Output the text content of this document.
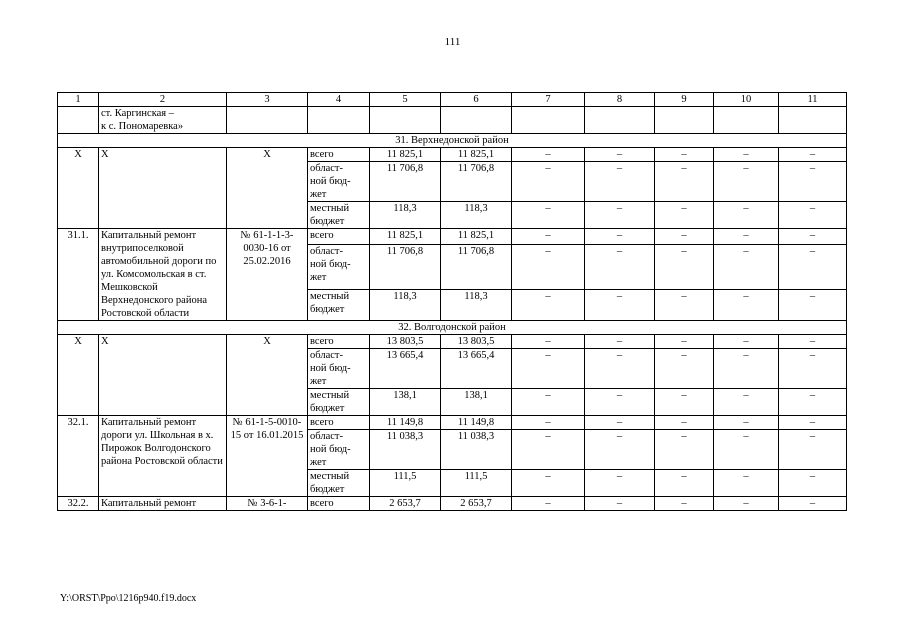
111
1	2	3	4	5	6	7	8	9	10	11
	ст. Каргинская –
к с. Пономаревка»									
31. Верхнедонской район										
Х	Х	Х	всего	11 825,1	11 825,1	–	–	–	–	–
			област-
ной бюд-
жет	11 706,8	11 706,8	–	–	–	–	–
			местный
бюджет	118,3	118,3	–	–	–	–	–
31.1.	Капитальный ремонт внутрипоселковой автомобильной дороги по ул. Комсомольская в ст. Мешковской Верхнедонского района Ростовской области	№ 61-1-1-3-0030-16 от 25.02.2016	всего	11 825,1	11 825,1	–	–	–	–	–
			област-
ной бюд-
жет	11 706,8	11 706,8	–	–	–	–	–
			местный
бюджет	118,3	118,3	–	–	–	–	–
32. Волгодонской район										
Х	Х	Х	всего	13 803,5	13 803,5	–	–	–	–	–
			област-
ной бюд-
жет	13 665,4	13 665,4	–	–	–	–	–
			местный
бюджет	138,1	138,1	–	–	–	–	–
32.1.	Капитальный ремонт дороги ул. Школьная в х. Пирожок Волгодонского района Ростовской области	№ 61-1-5-0010-15 от 16.01.2015	всего	11 149,8	11 149,8	–	–	–	–	–
			област-
ной бюд-
жет	11 038,3	11 038,3	–	–	–	–	–
			местный
бюджет	111,5	111,5	–	–	–	–	–
32.2.	Капитальный ремонт	№ 3-6-1-	всего	2 653,7	2 653,7	–	–	–	–	–
Y:\ORST\Ppo\1216p940.f19.docx
